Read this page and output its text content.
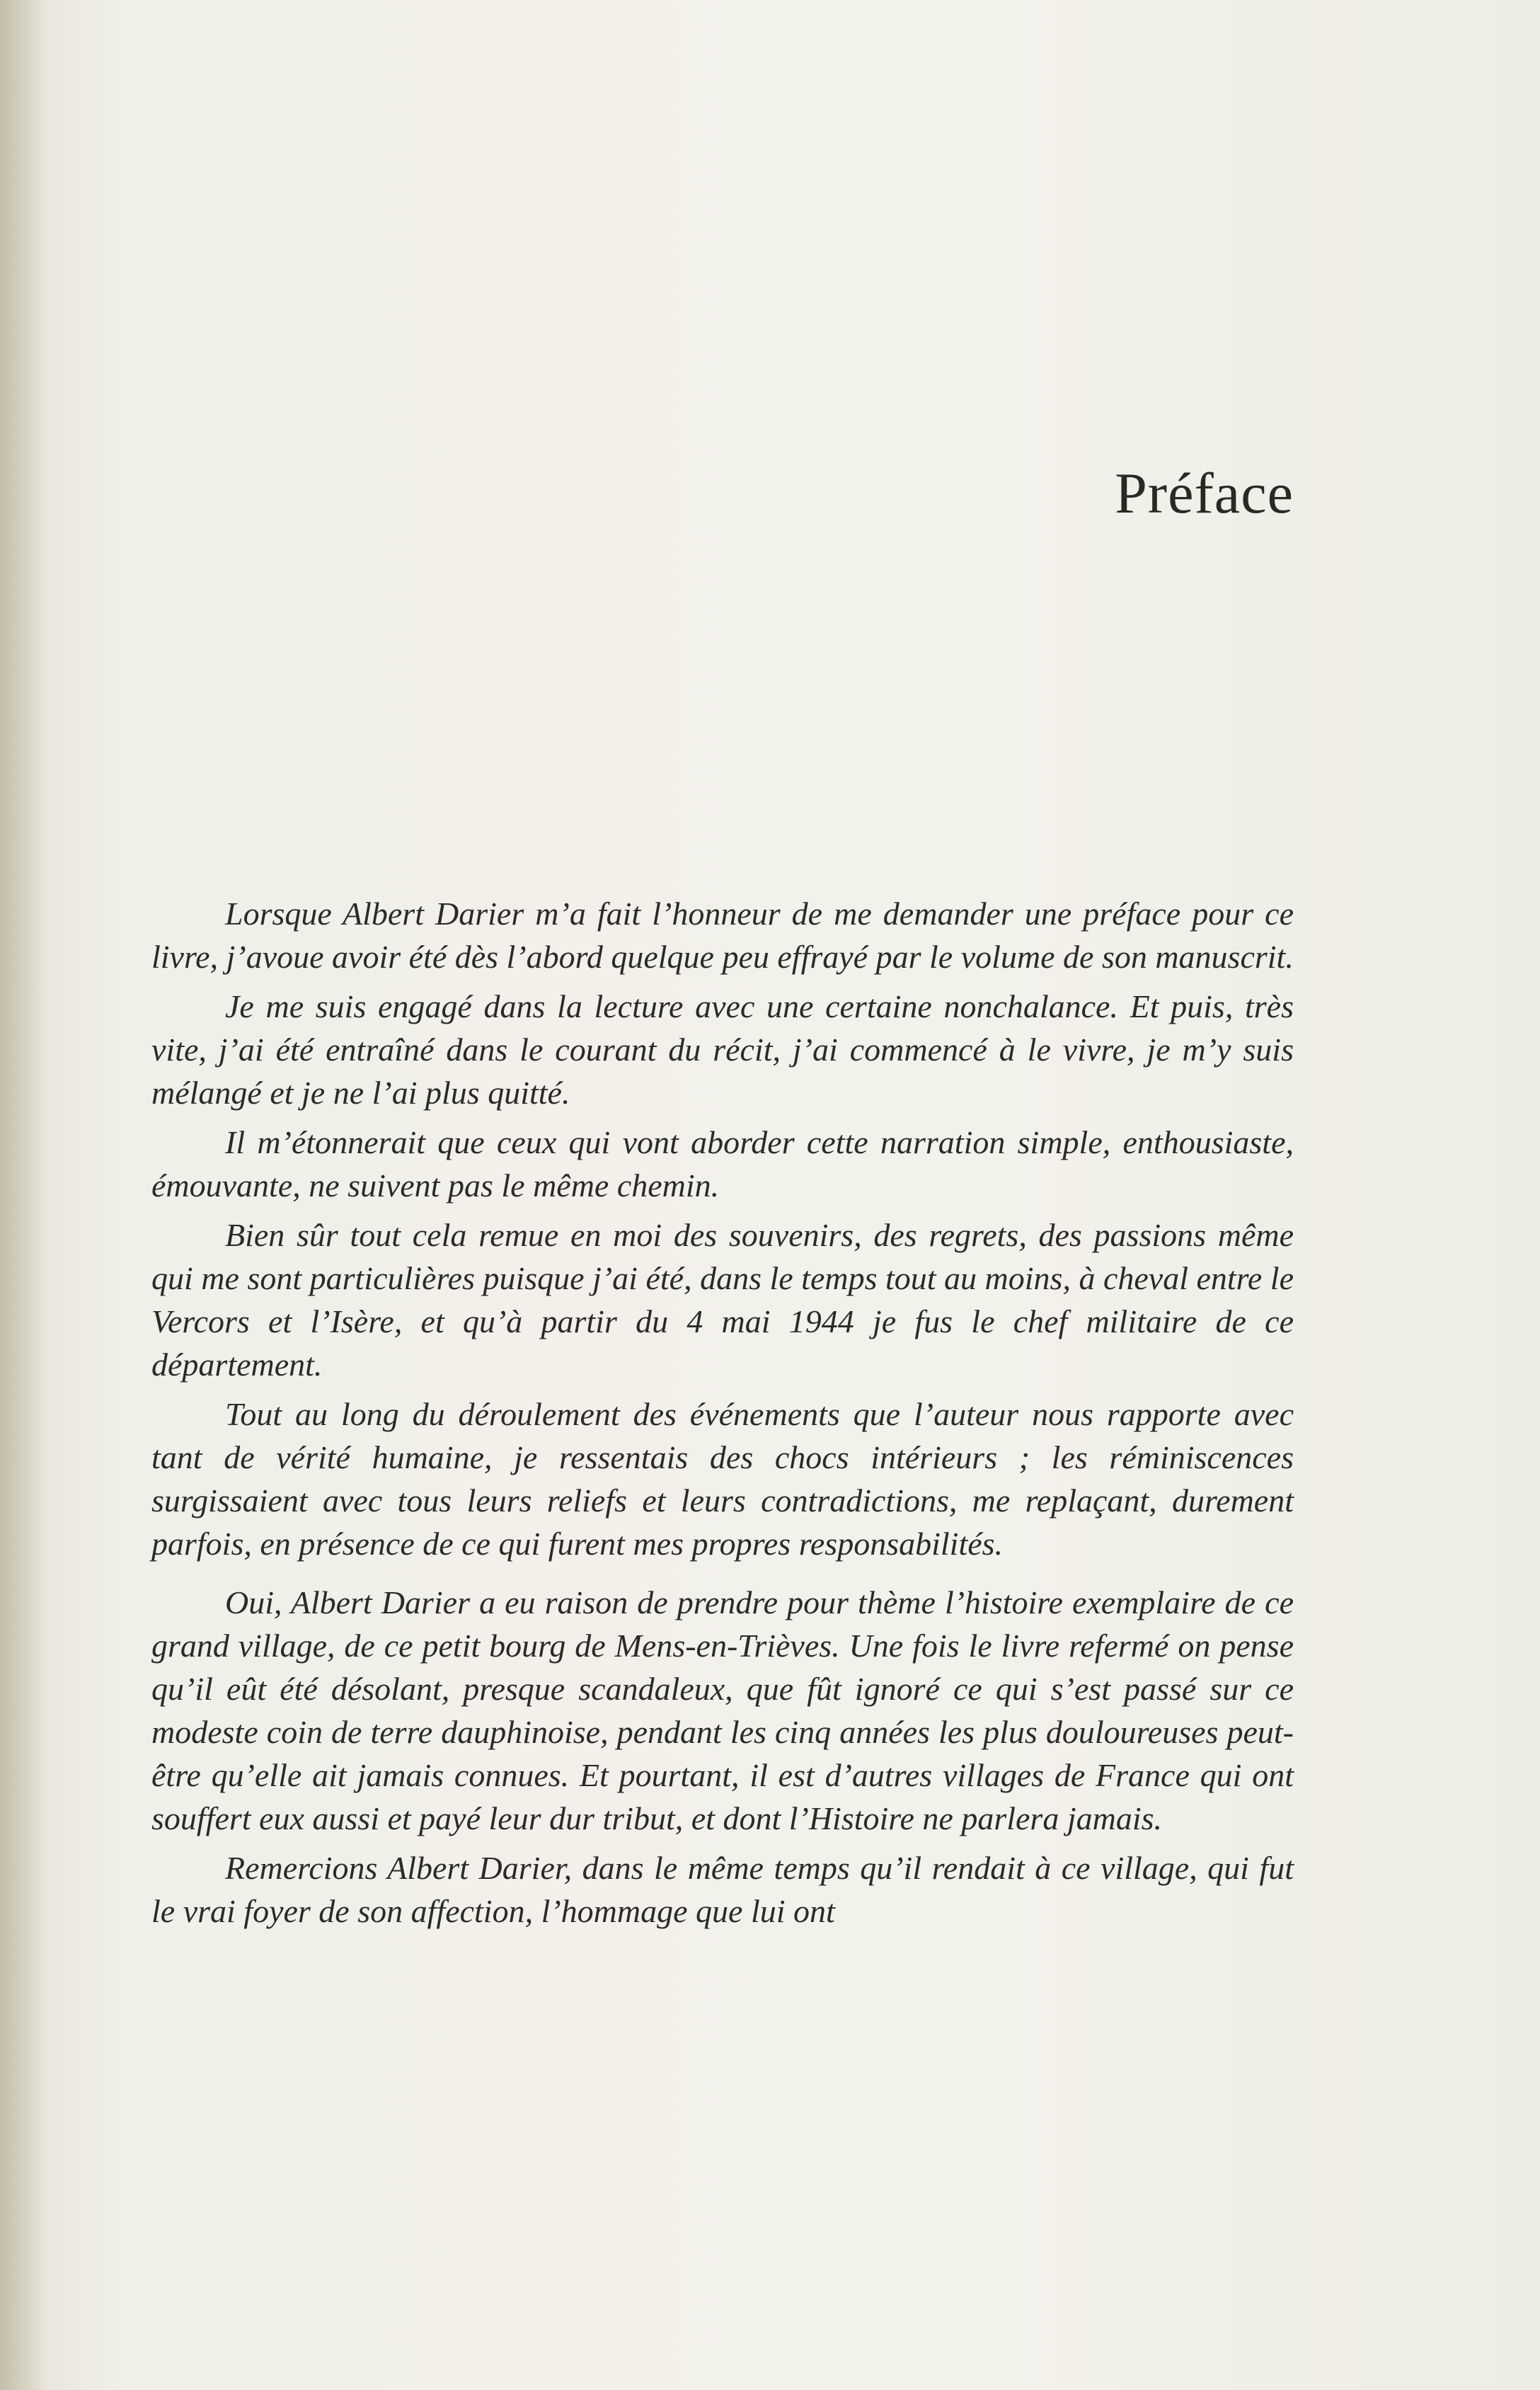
Préface

Lorsque Albert Darier m’a fait l’honneur de me demander une préface pour ce livre, j’avoue avoir été dès l’abord quelque peu effrayé par le volume de son manuscrit.

Je me suis engagé dans la lecture avec une certaine nonchalance. Et puis, très vite, j’ai été entraîné dans le courant du récit, j’ai commencé à le vivre, je m’y suis mélangé et je ne l’ai plus quitté.

Il m’étonnerait que ceux qui vont aborder cette narration simple, enthousiaste, émouvante, ne suivent pas le même chemin.

Bien sûr tout cela remue en moi des souvenirs, des regrets, des passions même qui me sont particulières puisque j’ai été, dans le temps tout au moins, à cheval entre le Vercors et l’Isère, et qu’à partir du 4 mai 1944 je fus le chef militaire de ce département.

Tout au long du déroulement des événements que l’auteur nous rapporte avec tant de vérité humaine, je ressentais des chocs intérieurs ; les réminiscences surgissaient avec tous leurs reliefs et leurs contradictions, me replaçant, durement parfois, en présence de ce qui furent mes propres responsabilités.

Oui, Albert Darier a eu raison de prendre pour thème l’histoire exemplaire de ce grand village, de ce petit bourg de Mens-en-Trièves. Une fois le livre refermé on pense qu’il eût été désolant, presque scandaleux, que fût ignoré ce qui s’est passé sur ce modeste coin de terre dauphinoise, pendant les cinq années les plus douloureuses peut-être qu’elle ait jamais connues. Et pourtant, il est d’autres villages de France qui ont souffert eux aussi et payé leur dur tribut, et dont l’Histoire ne parlera jamais.

Remercions Albert Darier, dans le même temps qu’il rendait à ce village, qui fut le vrai foyer de son affection, l’hommage que lui ont
